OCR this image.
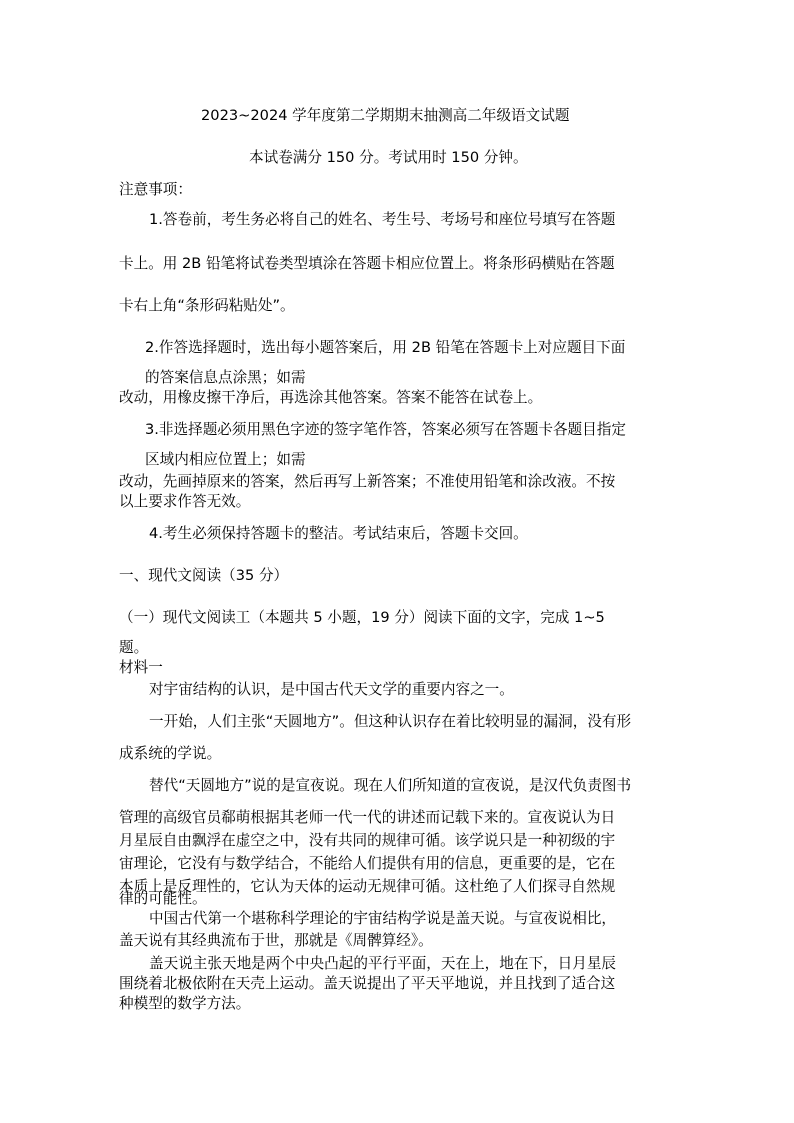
2023~2024 学年度第二学期期末抽测高二年级语文试题
本试卷满分 150 分。考试用时 150 分钟。
注意事项：
1.答卷前，考生务必将自己的姓名、考生号、考场号和座位号填写在答题
卡上。用 2B 铅笔将试卷类型填涂在答题卡相应位置上。将条形码横贴在答题
卡右上角“条形码粘贴处”。
2.作答选择题时，选出每小题答案后，用 2B 铅笔在答题卡上对应题目下面
的答案信息点涂黑；如需
改动，用橡皮擦干净后，再选涂其他答案。答案不能答在试卷上。
3.非选择题必须用黑色字迹的签字笔作答，答案必须写在答题卡各题目指定
区域内相应位置上；如需
改动，先画掉原来的答案，然后再写上新答案；不准使用铅笔和涂改液。不按
以上要求作答无效。
4.考生必须保持答题卡的整洁。考试结束后，答题卡交回。
一、现代文阅读（35 分）
（一）现代文阅读工（本题共 5 小题，19 分）阅读下面的文字，完成 1~5
题。
材料一
对宇宙结构的认识，是中国古代天文学的重要内容之一。
一开始，人们主张“天圆地方”。但这种认识存在着比较明显的漏洞，没有形
成系统的学说。
替代“天圆地方”说的是宣夜说。现在人们所知道的宣夜说，是汉代负责图书
管理的高级官员郗萌根据其老师一代一代的讲述而记载下来的。宣夜说认为日
月星辰自由飘浮在虚空之中，没有共同的规律可循。该学说只是一种初级的宇
宙理论，它没有与数学结合，不能给人们提供有用的信息，更重要的是，它在
本质上是反理性的，它认为天体的运动无规律可循。这杜绝了人们探寻自然规
律的可能性。
中国古代第一个堪称科学理论的宇宙结构学说是盖天说。与宣夜说相比，
盖天说有其经典流布于世，那就是《周髀算经》。
盖天说主张天地是两个中央凸起的平行平面，天在上，地在下，日月星辰
围绕着北极依附在天壳上运动。盖天说提出了平天平地说，并且找到了适合这
种模型的数学方法。
